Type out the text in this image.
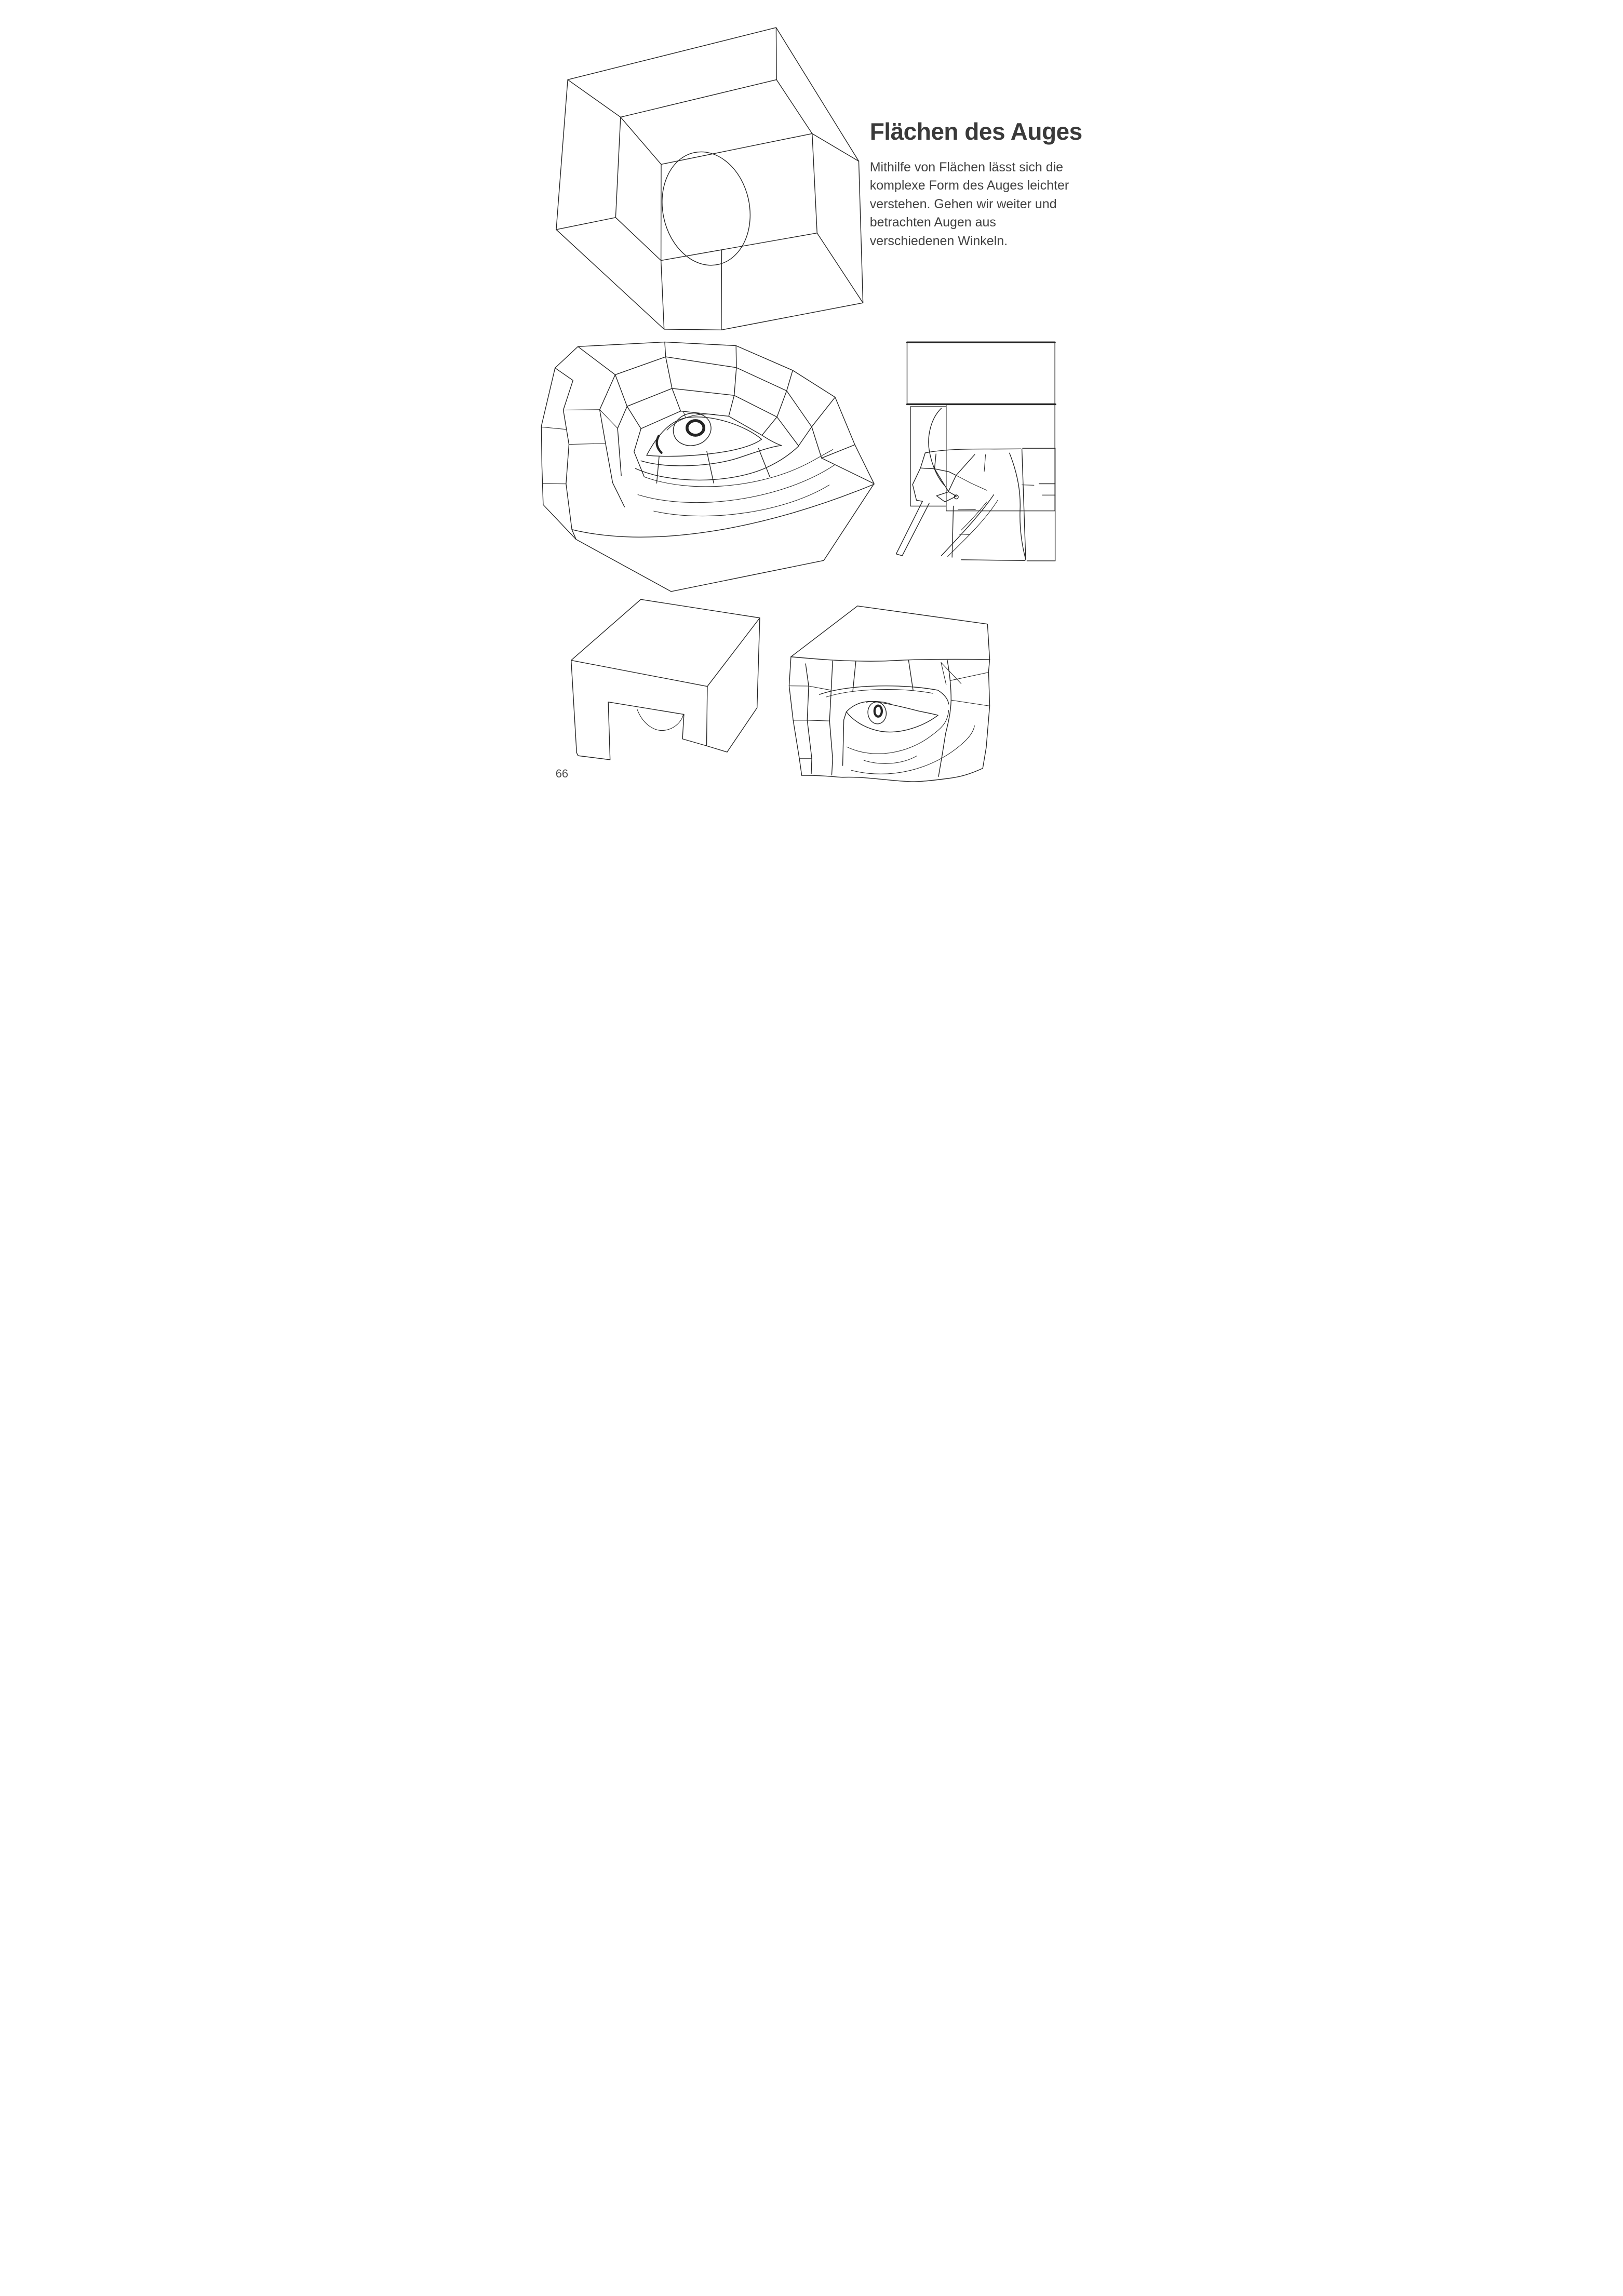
Flächen des Auges
Mithilfe von Flächen lässt sich die
komplexe Form des Auges leichter
verstehen. Gehen wir weiter und
betrachten Augen aus
verschiedenen Winkeln.
66
